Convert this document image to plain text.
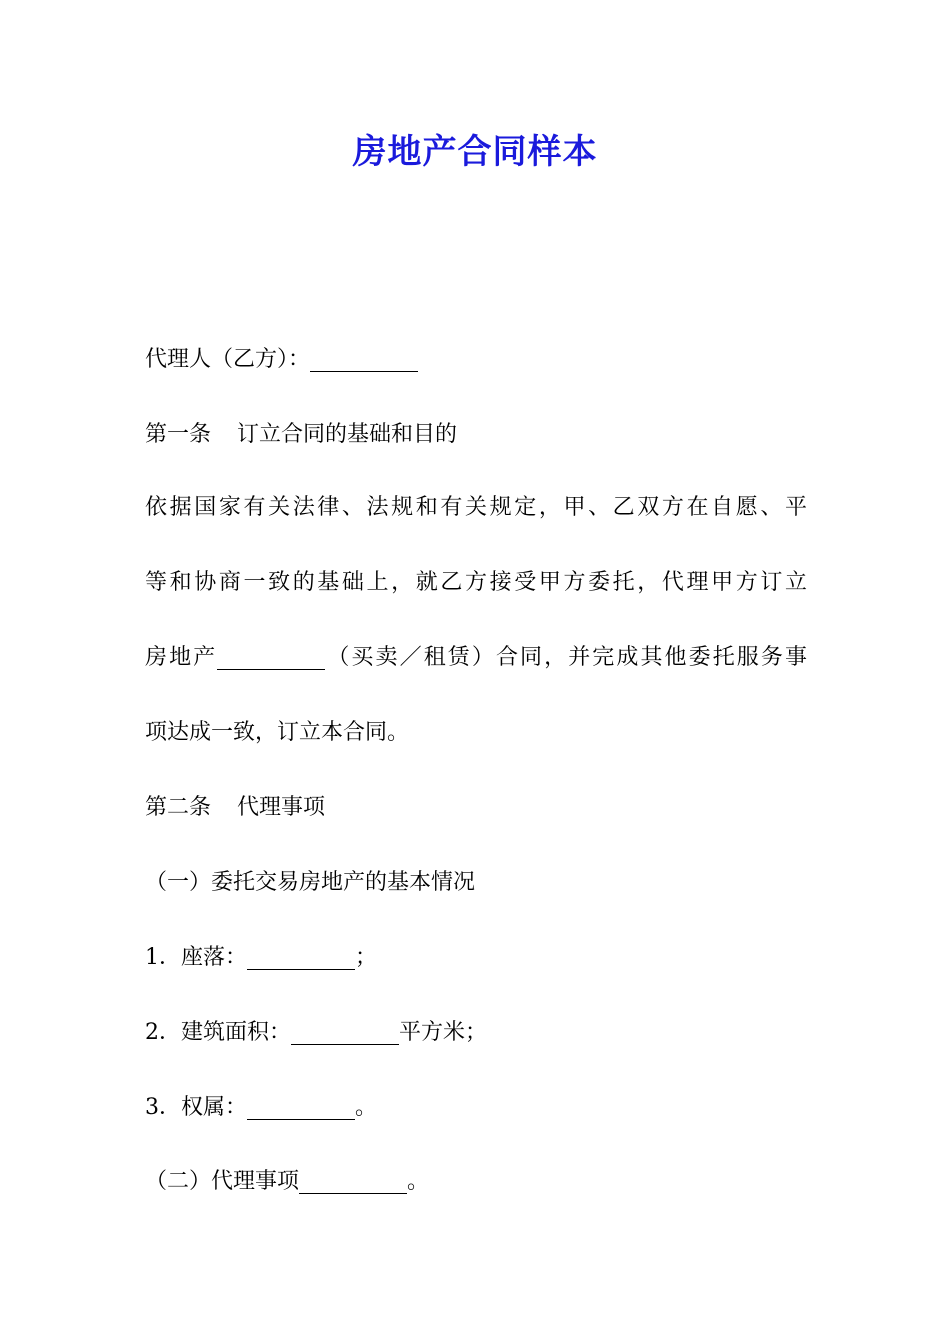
房地产合同样本
代理人（乙方）：
第一条 订立合同的基础和目的
依据国家有关法律、法规和有关规定，甲、乙双方在自愿、平
等和协商一致的基础上，就乙方接受甲方委托，代理甲方订立
房地产	（买卖／租赁）合同，并完成其他委托服务事
项达成一致，订立本合同。
第二条 代理事项
（一）委托交易房地产的基本情况
1．座落：	；
2．建筑面积：	平方米；
3．权属：	。
（二）代理事项	。
